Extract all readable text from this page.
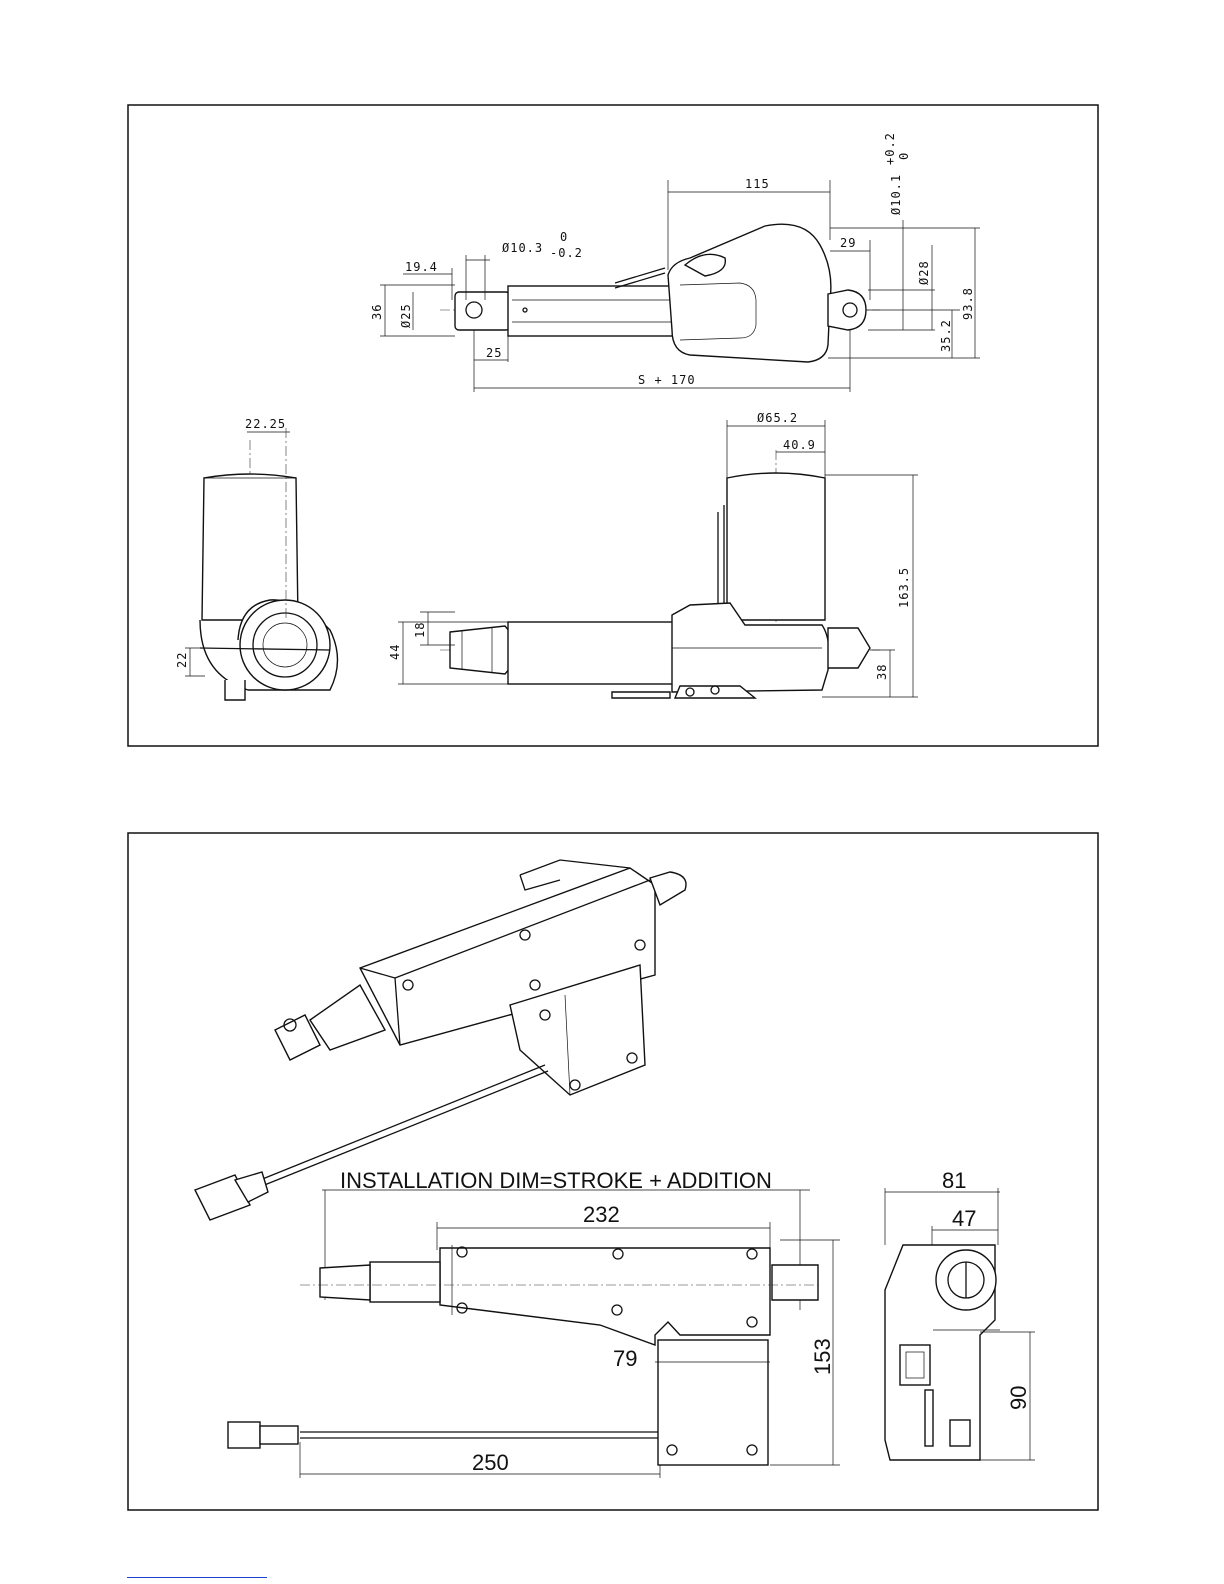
115
29
Ø10.1
+0.2 0
Ø10.3
0
-0.2
19.4
36 Ø25
Ø28
93.8
35.2
25
S + 170
22.25
22
Ø65.2
40.9
163.5
38
18
44
INSTALLATION DIM=STROKE + ADDITION
232
79	153
250
81
47
90
